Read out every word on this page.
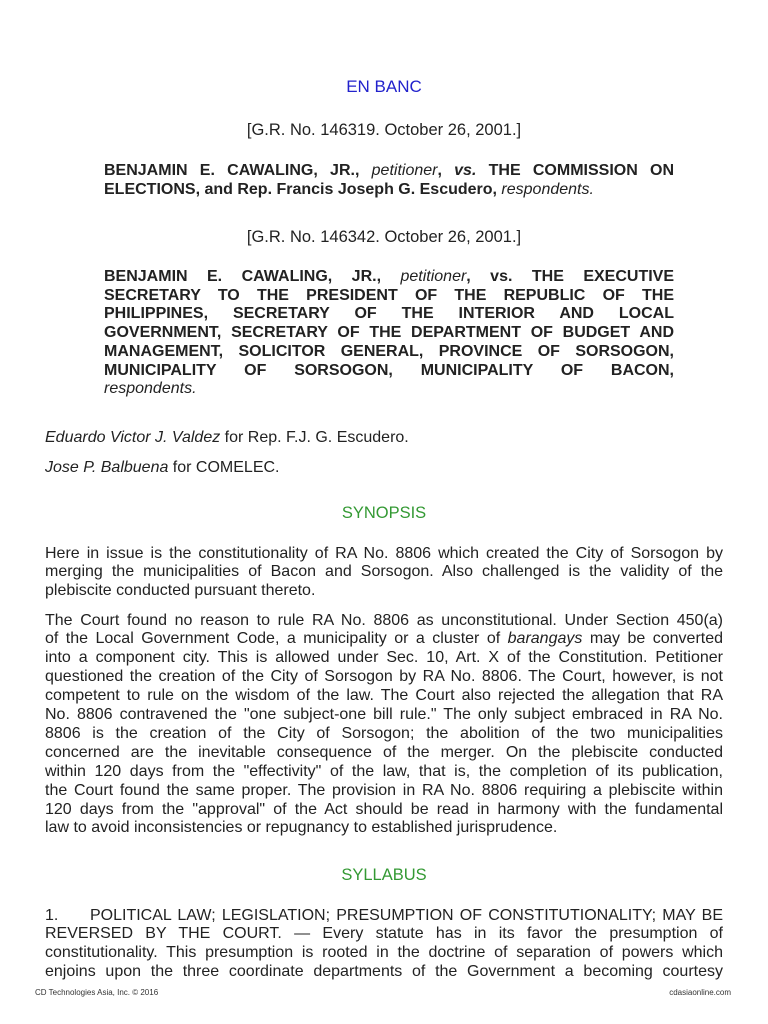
EN BANC
[G.R. No. 146319. October 26, 2001.]
BENJAMIN E. CAWALING, JR., petitioner, vs. THE COMMISSION ON
ELECTIONS, and Rep. Francis Joseph G. Escudero, respondents.
[G.R. No. 146342. October 26, 2001.]
BENJAMIN E. CAWALING, JR., petitioner, vs. THE EXECUTIVE
SECRETARY TO THE PRESIDENT OF THE REPUBLIC OF THE
PHILIPPINES, SECRETARY OF THE INTERIOR AND LOCAL
GOVERNMENT, SECRETARY OF THE DEPARTMENT OF BUDGET AND
MANAGEMENT, SOLICITOR GENERAL, PROVINCE OF SORSOGON,
MUNICIPALITY OF SORSOGON, MUNICIPALITY OF BACON,
respondents.
Eduardo Victor J. Valdez for Rep. F.J. G. Escudero.
Jose P. Balbuena for COMELEC.
SYNOPSIS
Here in issue is the constitutionality of RA No. 8806 which created the City of Sorsogon by
merging the municipalities of Bacon and Sorsogon. Also challenged is the validity of the
plebiscite conducted pursuant thereto.
The Court found no reason to rule RA No. 8806 as unconstitutional. Under Section 450(a)
of the Local Government Code, a municipality or a cluster of barangays may be converted
into a component city. This is allowed under Sec. 10, Art. X of the Constitution. Petitioner
questioned the creation of the City of Sorsogon by RA No. 8806. The Court, however, is not
competent to rule on the wisdom of the law. The Court also rejected the allegation that RA
No. 8806 contravened the "one subject-one bill rule." The only subject embraced in RA No.
8806 is the creation of the City of Sorsogon; the abolition of the two municipalities
concerned are the inevitable consequence of the merger. On the plebiscite conducted
within 120 days from the "effectivity" of the law, that is, the completion of its publication,
the Court found the same proper. The provision in RA No. 8806 requiring a plebiscite within
120 days from the "approval" of the Act should be read in harmony with the fundamental
law to avoid inconsistencies or repugnancy to established jurisprudence.
SYLLABUS
1. POLITICAL LAW; LEGISLATION; PRESUMPTION OF CONSTITUTIONALITY; MAY BE
REVERSED BY THE COURT. — Every statute has in its favor the presumption of
constitutionality. This presumption is rooted in the doctrine of separation of powers which
enjoins upon the three coordinate departments of the Government a becoming courtesy
CD Technologies Asia, Inc. © 2016	cdasiaonline.com
